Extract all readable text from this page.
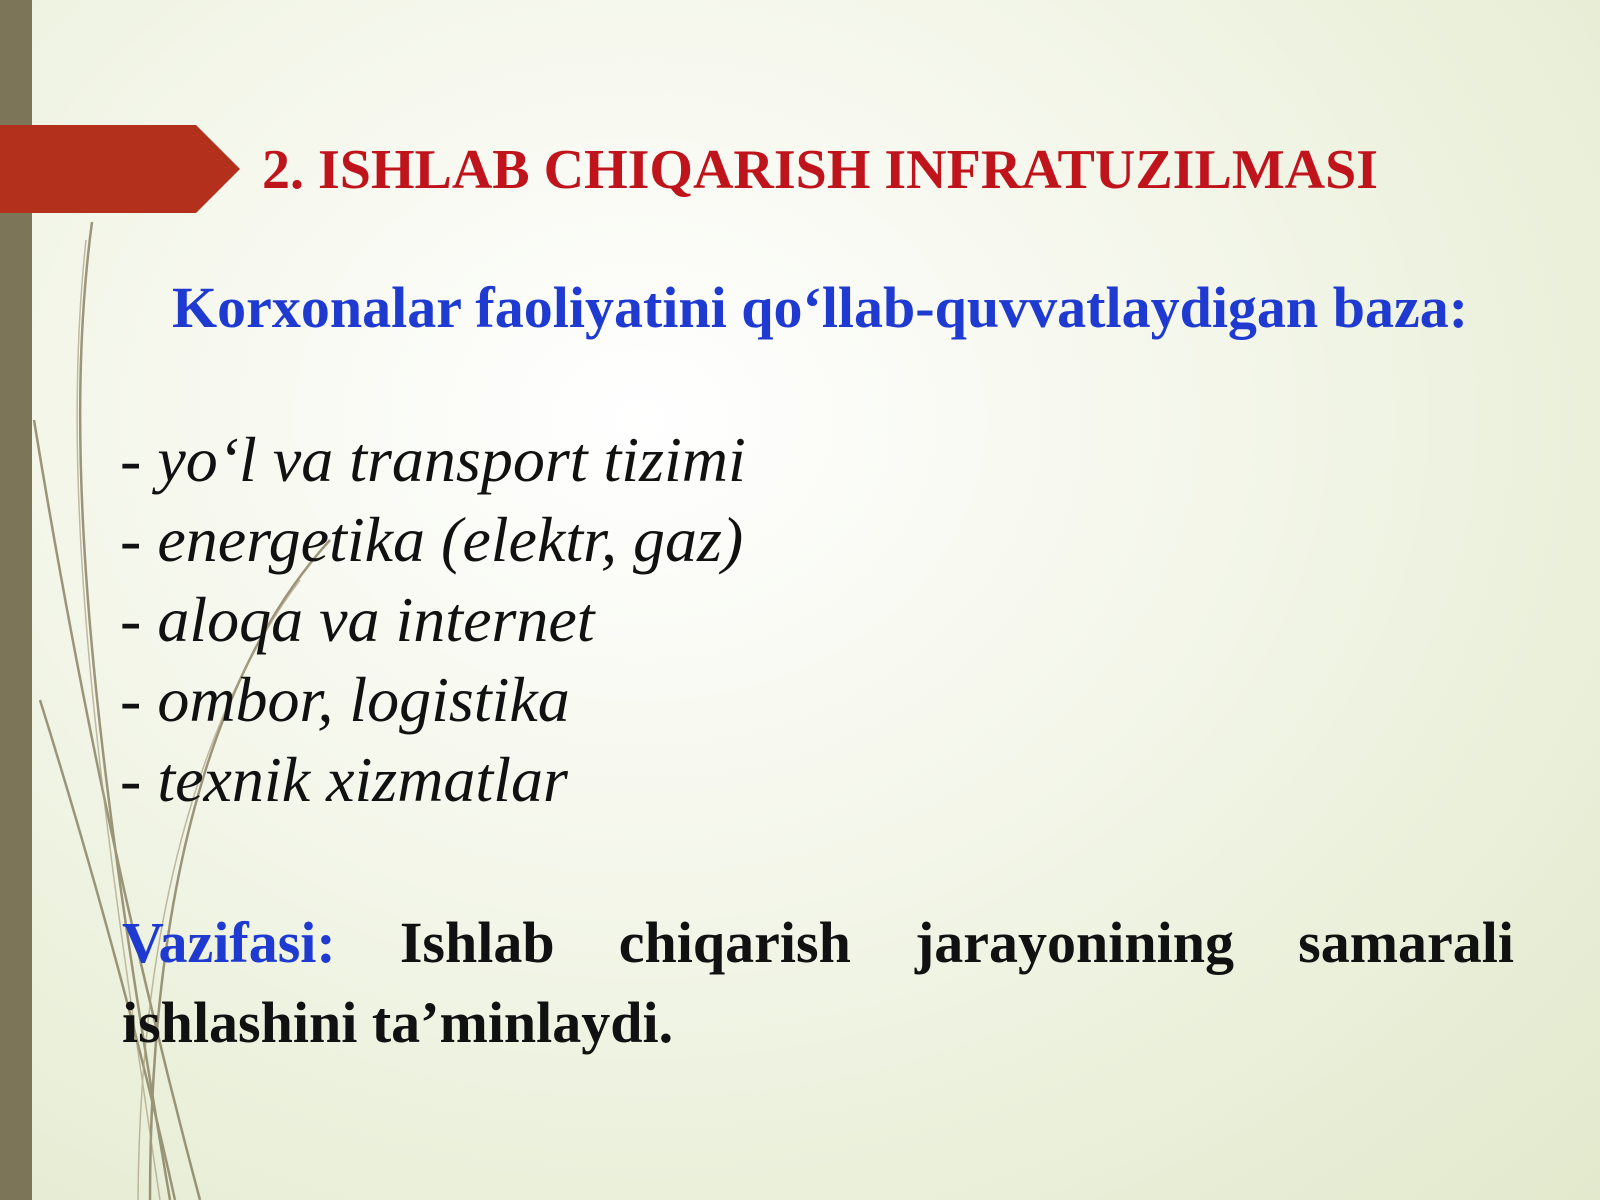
2. ISHLAB CHIQARISH INFRATUZILMASI

Korxonalar faoliyatini qo‘llab-quvvatlaydigan baza:

- yo‘l va transport tizimi
- energetika (elektr, gaz)
- aloqa va internet
- ombor, logistika
- texnik xizmatlar

Vazifasi: Ishlab chiqarish jarayonining samarali ishlashini ta’minlaydi.
